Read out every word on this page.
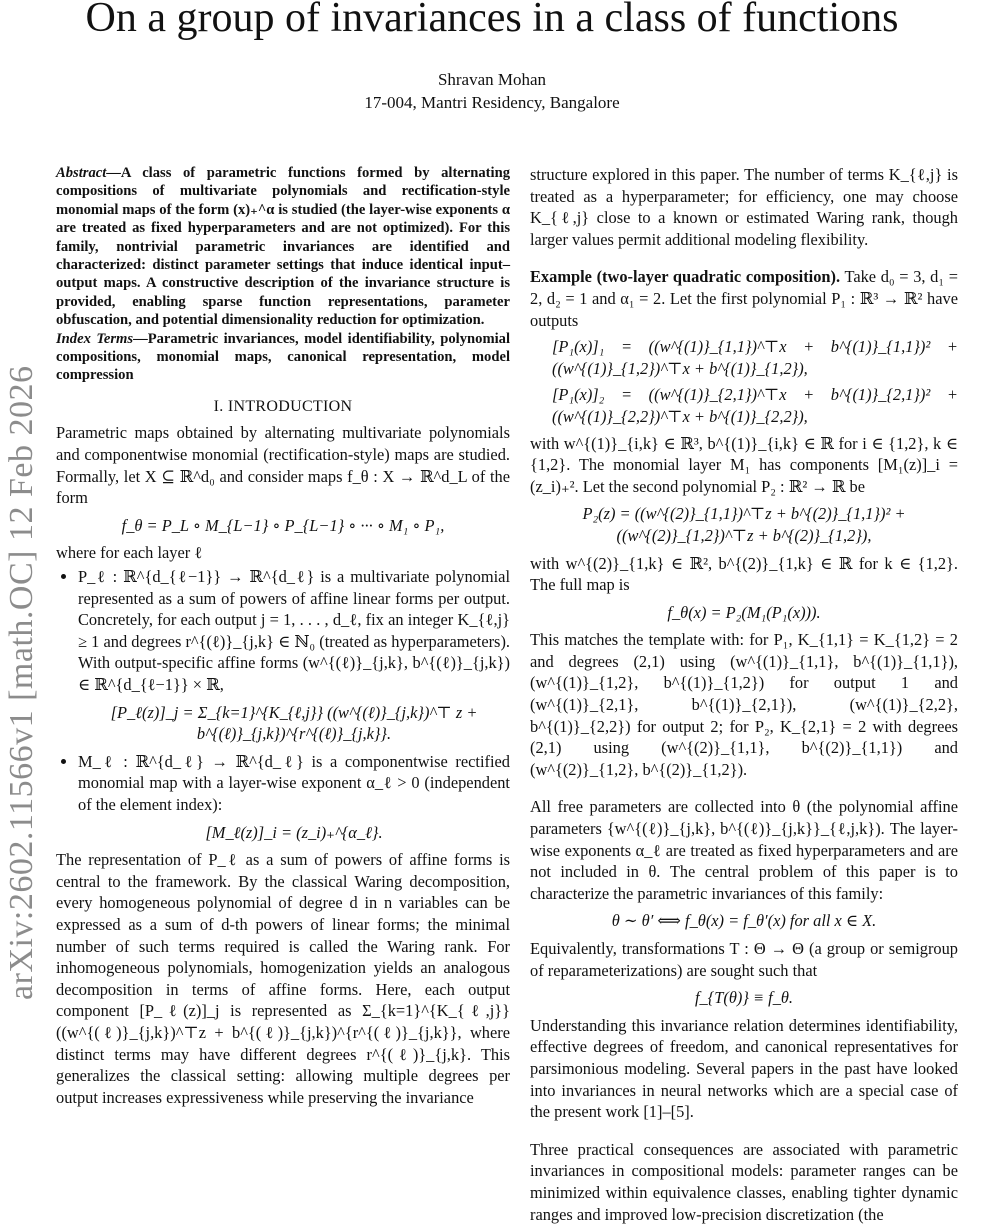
On a group of invariances in a class of functions
Shravan Mohan
17-004, Mantri Residency, Bangalore
arXiv:2602.11566v1 [math.OC] 12 Feb 2026

Abstract—A class of parametric functions formed by alternating compositions of multivariate polynomials and rectification-style monomial maps of the form (x)₊^α is studied (the layer-wise exponents α are treated as fixed hyperparameters and are not optimized). For this family, nontrivial parametric invariances are identified and characterized: distinct parameter settings that induce identical input–output maps. A constructive description of the invariance structure is provided, enabling sparse function representations, parameter obfuscation, and potential dimensionality reduction for optimization.

Index Terms—Parametric invariances, model identifiability, polynomial compositions, monomial maps, canonical representation, model compression

I. INTRODUCTION

Parametric maps obtained by alternating multivariate polynomials and componentwise monomial (rectification-style) maps are studied. Formally, let X ⊆ ℝ^d₀ and consider maps f_θ : X → ℝ^d_L of the form

f_θ = P_L ∘ M_{L−1} ∘ P_{L−1} ∘ ··· ∘ M₁ ∘ P₁,

where for each layer ℓ

• P_ℓ : ℝ^{d_{ℓ−1}} → ℝ^{d_ℓ} is a multivariate polynomial represented as a sum of powers of affine linear forms per output. Concretely, for each output j = 1, . . . , d_ℓ, fix an integer K_{ℓ,j} ≥ 1 and degrees r^{(ℓ)}_{j,k} ∈ ℕ₀ (treated as hyperparameters). With output-specific affine forms (w^{(ℓ)}_{j,k}, b^{(ℓ)}_{j,k}) ∈ ℝ^{d_{ℓ−1}} × ℝ,
[P_ℓ(z)]_j = Σ_{k=1}^{K_{ℓ,j}} ((w^{(ℓ)}_{j,k})^⊤ z + b^{(ℓ)}_{j,k})^{r^{(ℓ)}_{j,k}}.
• M_ℓ : ℝ^{d_ℓ} → ℝ^{d_ℓ} is a componentwise rectified monomial map with a layer-wise exponent α_ℓ > 0 (independent of the element index):
[M_ℓ(z)]_i = (z_i)₊^{α_ℓ}.

The representation of P_ℓ as a sum of powers of affine forms is central to the framework. By the classical Waring decomposition, every homogeneous polynomial of degree d in n variables can be expressed as a sum of d-th powers of linear forms; the minimal number of such terms required is called the Waring rank. For inhomogeneous polynomials, homogenization yields an analogous decomposition in terms of affine forms. Here, each output component [P_ℓ(z)]_j is represented as Σ_{k=1}^{K_{ℓ,j}} ((w^{(ℓ)}_{j,k})^⊤z + b^{(ℓ)}_{j,k})^{r^{(ℓ)}_{j,k}}, where distinct terms may have different degrees r^{(ℓ)}_{j,k}. This generalizes the classical setting: allowing multiple degrees per output increases expressiveness while preserving the invariance

structure explored in this paper. The number of terms K_{ℓ,j} is treated as a hyperparameter; for efficiency, one may choose K_{ℓ,j} close to a known or estimated Waring rank, though larger values permit additional modeling flexibility.

Example (two-layer quadratic composition). Take d₀ = 3, d₁ = 2, d₂ = 1 and α₁ = 2. Let the first polynomial P₁ : ℝ³ → ℝ² have outputs

[P₁(x)]₁ = ((w^{(1)}_{1,1})^⊤x + b^{(1)}_{1,1})² + ((w^{(1)}_{1,2})^⊤x + b^{(1)}_{1,2}),
[P₁(x)]₂ = ((w^{(1)}_{2,1})^⊤x + b^{(1)}_{2,1})² + ((w^{(1)}_{2,2})^⊤x + b^{(1)}_{2,2}),

with w^{(1)}_{i,k} ∈ ℝ³, b^{(1)}_{i,k} ∈ ℝ for i ∈ {1,2}, k ∈ {1,2}. The monomial layer M₁ has components [M₁(z)]_i = (z_i)₊². Let the second polynomial P₂ : ℝ² → ℝ be

P₂(z) = ((w^{(2)}_{1,1})^⊤z + b^{(2)}_{1,1})² + ((w^{(2)}_{1,2})^⊤z + b^{(2)}_{1,2}),

with w^{(2)}_{1,k} ∈ ℝ², b^{(2)}_{1,k} ∈ ℝ for k ∈ {1,2}. The full map is

f_θ(x) = P₂(M₁(P₁(x))).

This matches the template with: for P₁, K_{1,1} = K_{1,2} = 2 and degrees (2,1) using (w^{(1)}_{1,1}, b^{(1)}_{1,1}), (w^{(1)}_{1,2}, b^{(1)}_{1,2}) for output 1 and (w^{(1)}_{2,1}, b^{(1)}_{2,1}), (w^{(1)}_{2,2}, b^{(1)}_{2,2}) for output 2; for P₂, K_{2,1} = 2 with degrees (2,1) using (w^{(2)}_{1,1}, b^{(2)}_{1,1}) and (w^{(2)}_{1,2}, b^{(2)}_{1,2}).

All free parameters are collected into θ (the polynomial affine parameters {w^{(ℓ)}_{j,k}, b^{(ℓ)}_{j,k}}_{ℓ,j,k}). The layer-wise exponents α_ℓ are treated as fixed hyperparameters and are not included in θ. The central problem of this paper is to characterize the parametric invariances of this family:

θ ∼ θ′ ⟺ f_θ(x) = f_θ′(x) for all x ∈ X.

Equivalently, transformations T : Θ → Θ (a group or semigroup of reparameterizations) are sought such that

f_{T(θ)} ≡ f_θ.

Understanding this invariance relation determines identifiability, effective degrees of freedom, and canonical representatives for parsimonious modeling. Several papers in the past have looked into invariances in neural networks which are a special case of the present work [1]–[5].

Three practical consequences are associated with parametric invariances in compositional models: parameter ranges can be minimized within equivalence classes, enabling tighter dynamic ranges and improved low-precision discretization (the
